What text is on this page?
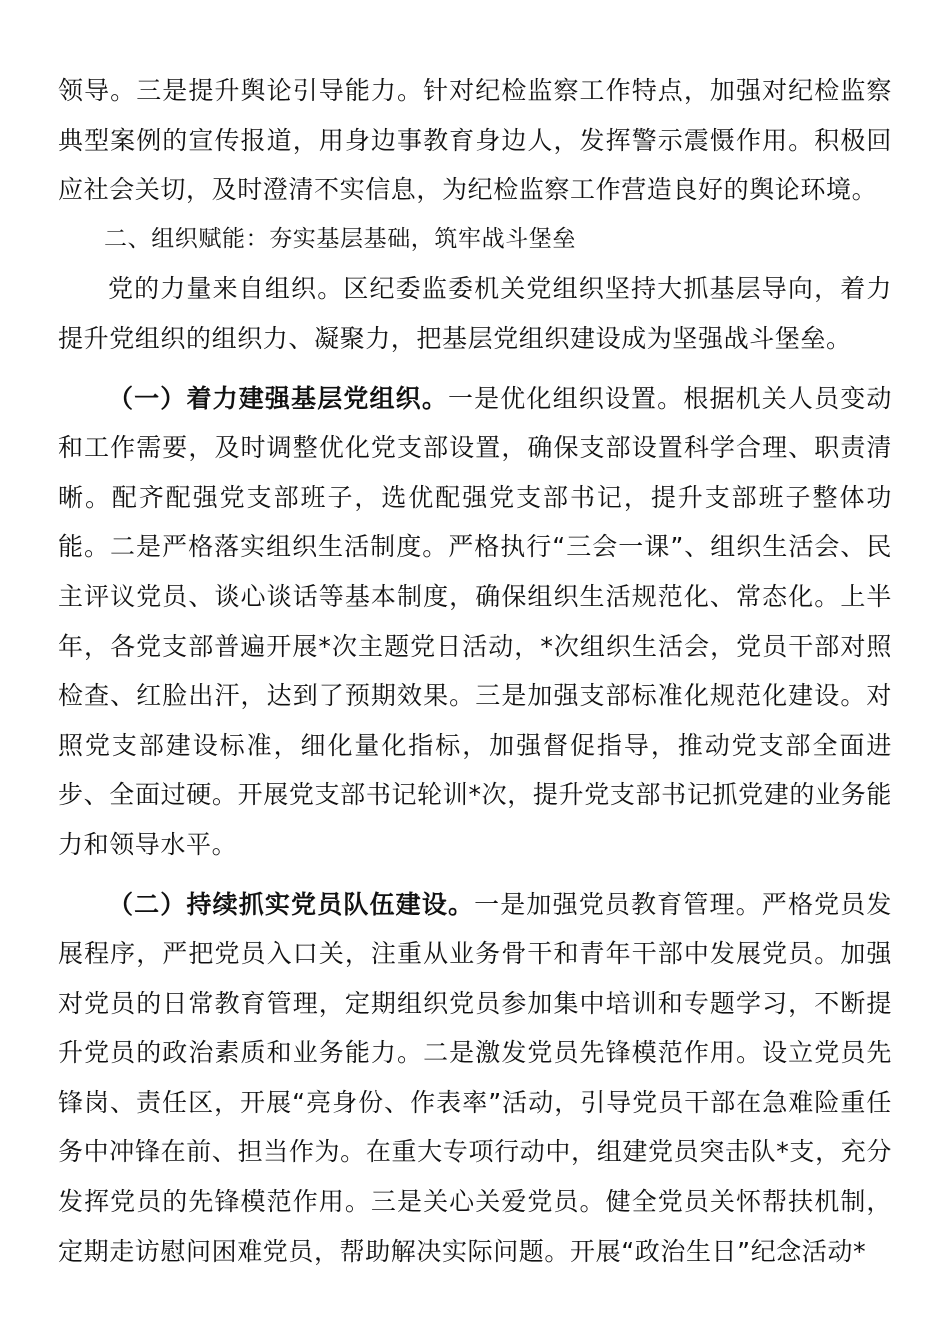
领导。三是提升舆论引导能力。针对纪检监察工作特点，加强对纪检监察典型案例的宣传报道，用身边事教育身边人，发挥警示震慑作用。积极回应社会关切，及时澄清不实信息，为纪检监察工作营造良好的舆论环境。

二、组织赋能：夯实基层基础，筑牢战斗堡垒

党的力量来自组织。区纪委监委机关党组织坚持大抓基层导向，着力提升党组织的组织力、凝聚力，把基层党组织建设成为坚强战斗堡垒。

（一）着力建强基层党组织。一是优化组织设置。根据机关人员变动和工作需要，及时调整优化党支部设置，确保支部设置科学合理、职责清晰。配齐配强党支部班子，选优配强党支部书记，提升支部班子整体功能。二是严格落实组织生活制度。严格执行“三会一课”、组织生活会、民主评议党员、谈心谈话等基本制度，确保组织生活规范化、常态化。上半年，各党支部普遍开展*次主题党日活动，*次组织生活会，党员干部对照检查、红脸出汗，达到了预期效果。三是加强支部标准化规范化建设。对照党支部建设标准，细化量化指标，加强督促指导，推动党支部全面进步、全面过硬。开展党支部书记轮训*次，提升党支部书记抓党建的业务能力和领导水平。

（二）持续抓实党员队伍建设。一是加强党员教育管理。严格党员发展程序，严把党员入口关，注重从业务骨干和青年干部中发展党员。加强对党员的日常教育管理，定期组织党员参加集中培训和专题学习，不断提升党员的政治素质和业务能力。二是激发党员先锋模范作用。设立党员先锋岗、责任区，开展“亮身份、作表率”活动，引导党员干部在急难险重任务中冲锋在前、担当作为。在重大专项行动中，组建党员突击队*支，充分发挥党员的先锋模范作用。三是关心关爱党员。健全党员关怀帮扶机制，定期走访慰问困难党员，帮助解决实际问题。开展“政治生日”纪念活动*
